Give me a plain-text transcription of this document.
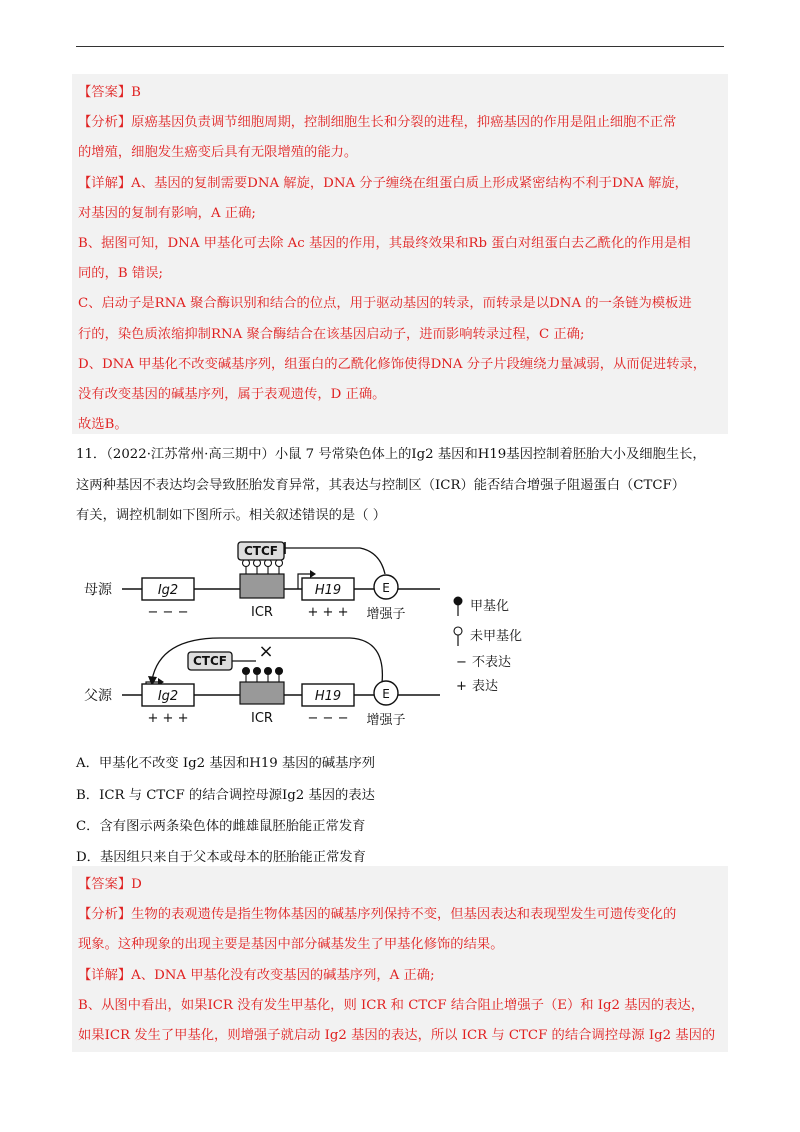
【答案】B
【分析】原癌基因负责调节细胞周期，控制细胞生长和分裂的进程，抑癌基因的作用是阻止细胞不正常
的增殖，细胞发生癌变后具有无限增殖的能力。
【详解】A、基因的复制需要DNA 解旋，DNA 分子缠绕在组蛋白质上形成紧密结构不利于DNA 解旋，
对基因的复制有影响，A 正确;
B、据图可知，DNA 甲基化可去除 Ac 基因的作用，其最终效果和Rb 蛋白对组蛋白去乙酰化的作用是相
同的，B 错误;
C、启动子是RNA 聚合酶识别和结合的位点，用于驱动基因的转录，而转录是以DNA 的一条链为模板进
行的，染色质浓缩抑制RNA 聚合酶结合在该基因启动子，进而影响转录过程，C 正确;
D、DNA 甲基化不改变碱基序列，组蛋白的乙酰化修饰使得DNA 分子片段缠绕力量减弱，从而促进转录，
没有改变基因的碱基序列，属于表观遗传，D 正确。
故选B。
11．（2022·江苏常州·高三期中）小鼠 7 号常染色体上的Ig2 基因和H19基因控制着胚胎大小及细胞生长，
这两种基因不表达均会导致胚胎发育异常，其表达与控制区（ICR）能否结合增强子阻遏蛋白（CTCF）
有关，调控机制如下图所示。相关叙述错误的是（ ）
母源	Ig2
− − −
CTCF
ICR
H19
+ + +
E
增强子
父源	Ig2
+ + +
CTCF ×
ICR
H19
− − −
E
增强子
甲基化
未甲基化
− 不表达
+ 表达
A．甲基化不改变 Ig2 基因和H19 基因的碱基序列
B．ICR 与 CTCF 的结合调控母源Ig2 基因的表达
C．含有图示两条染色体的雌雄鼠胚胎能正常发育
D．基因组只来自于父本或母本的胚胎能正常发育
【答案】D
【分析】生物的表观遗传是指生物体基因的碱基序列保持不变，但基因表达和表现型发生可遗传变化的
现象。这种现象的出现主要是基因中部分碱基发生了甲基化修饰的结果。
【详解】A、DNA 甲基化没有改变基因的碱基序列，A 正确;
B、从图中看出，如果ICR 没有发生甲基化，则 ICR 和 CTCF 结合阻止增强子（E）和 Ig2 基因的表达，
如果ICR 发生了甲基化，则增强子就启动 Ig2 基因的表达，所以 ICR 与 CTCF 的结合调控母源 Ig2 基因的
